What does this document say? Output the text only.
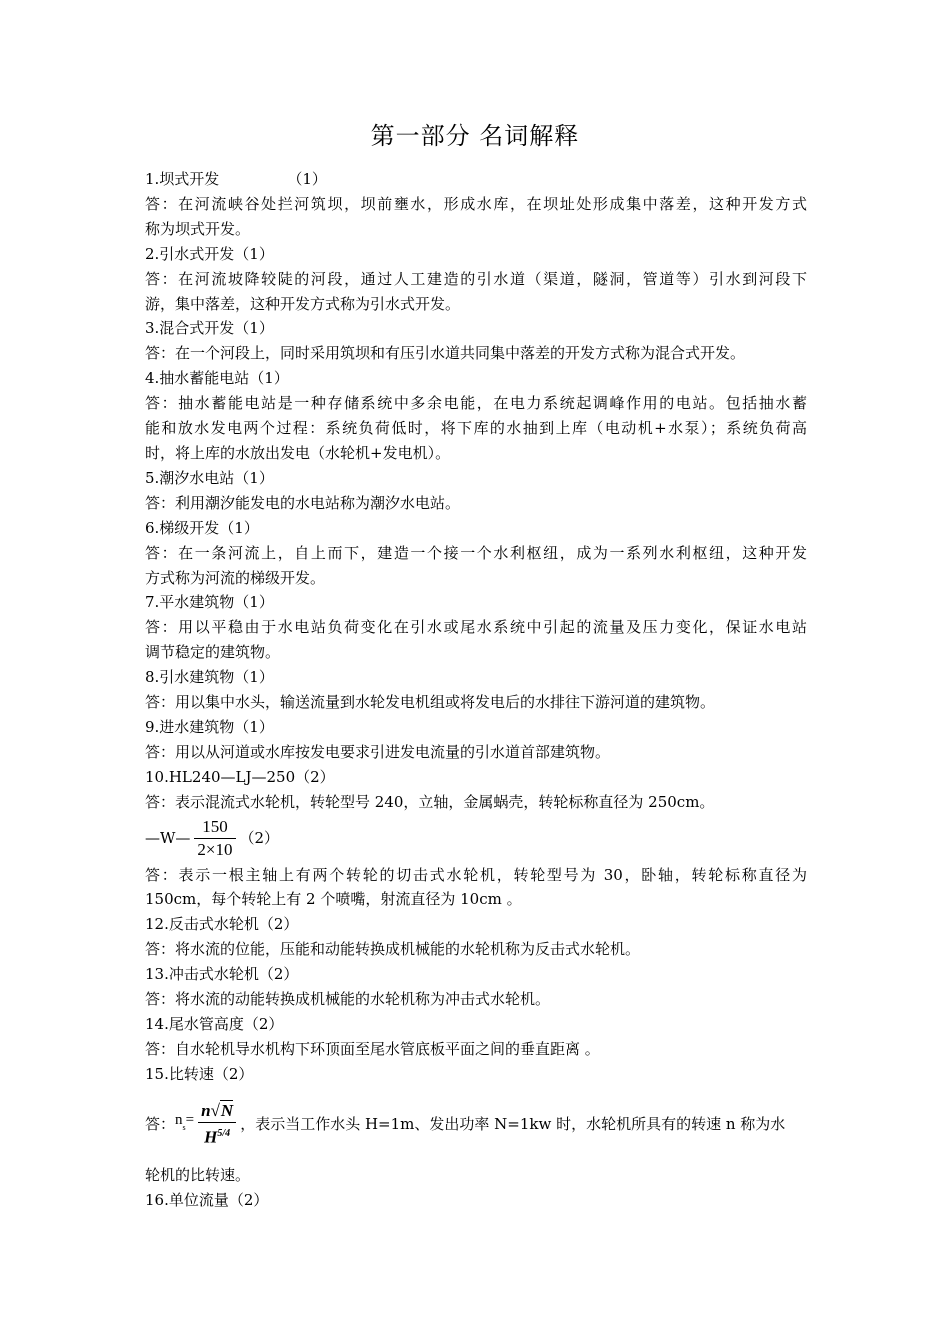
第一部分 名词解释
1.坝式开发	（1）
答：在河流峡谷处拦河筑坝，坝前壅水，形成水库，在坝址处形成集中落差，这种开发方式
称为坝式开发。
2.引水式开发（1）
答：在河流坡降较陡的河段，通过人工建造的引水道（渠道，隧洞，管道等）引水到河段下
游，集中落差，这种开发方式称为引水式开发。
3.混合式开发（1）
答：在一个河段上，同时采用筑坝和有压引水道共同集中落差的开发方式称为混合式开发。
4.抽水蓄能电站（1）
答：抽水蓄能电站是一种存储系统中多余电能，在电力系统起调峰作用的电站。包括抽水蓄
能和放水发电两个过程：系统负荷低时，将下库的水抽到上库（电动机+水泵）；系统负荷高
时，将上库的水放出发电（水轮机+发电机）。
5.潮汐水电站（1）
答：利用潮汐能发电的水电站称为潮汐水电站。
6.梯级开发（1）
答：在一条河流上，自上而下，建造一个接一个水利枢纽，成为一系列水利枢纽，这种开发
方式称为河流的梯级开发。
7.平水建筑物（1）
答：用以平稳由于水电站负荷变化在引水或尾水系统中引起的流量及压力变化，保证水电站
调节稳定的建筑物。
8.引水建筑物（1）
答：用以集中水头，输送流量到水轮发电机组或将发电后的水排往下游河道的建筑物。
9.进水建筑物（1）
答：用以从河道或水库按发电要求引进发电流量的引水道首部建筑物。
10.HL240—LJ—250（2）
答：表示混流式水轮机，转轮型号 240，立轴，金属蜗壳，转轮标称直径为 250cm。
—W— $\frac{150}{2\times 10} (2)$
答：表示一根主轴上有两个转轮的切击式水轮机，转轮型号为 30，卧轴，转轮标称直径为
150cm，每个转轮上有 2 个喷嘴，射流直径为 10cm 。
12.反击式水轮机（2）
答：将水流的位能，压能和动能转换成机械能的水轮机称为反击式水轮机。
13.冲击式水轮机（2）
答：将水流的动能转换成机械能的水轮机称为冲击式水轮机。
14.尾水管高度（2）
答：自水轮机导水机构下环顶面至尾水管底板平面之间的垂直距离 。
15.比转速（2）
答： $n_s= \frac{n√N}{H^{5/4}}$ ，表示当工作水头 H=1m、发出功率 N=1kw 时，水轮机所具有的转速 n 称为水
轮机的比转速。
16.单位流量（2）
